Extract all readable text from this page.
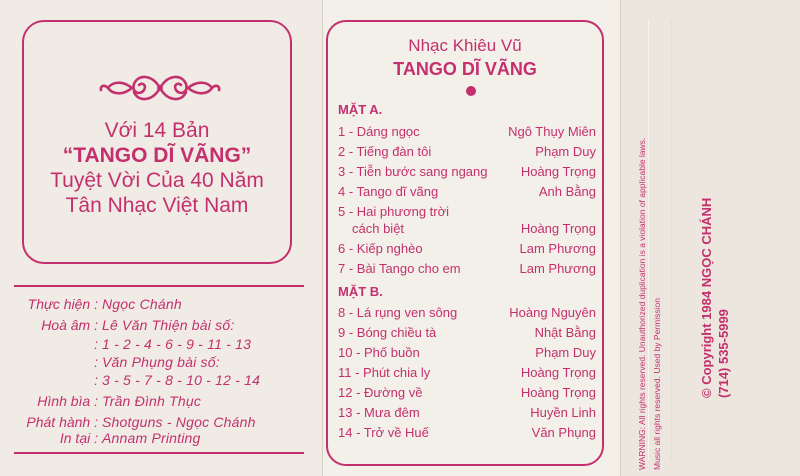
Với 14 Bản
“TANGO DĨ VÃNG”
Tuyệt Vời Của 40 Năm
Tân Nhạc Việt Nam
Thực hiện : Ngọc Chánh
Hoà âm : Lê Văn Thiện bài số:
: 1 - 2 - 4 - 6 - 9 - 11 - 13
: Văn Phụng bài số:
: 3 - 5 - 7 - 8 - 10 - 12 - 14
Hình bìa : Trần Đình Thục
Phát hành : Shotguns - Ngọc Chánh
In tại : Annam Printing
Nhạc Khiêu Vũ
TANGO DĨ VÃNG
MẶT A.
1 - Dáng ngọc	Ngô Thụy Miên
2 - Tiếng đàn tôi	Phạm Duy
3 - Tiễn bước sang ngang	Hoàng Trọng
4 - Tango dĩ vãng	Anh Bằng
5 - Hai phương trời
cách biệt	Hoàng Trọng
6 - Kiếp nghèo	Lam Phương
7 - Bài Tango cho em	Lam Phương
MẶT B.
8 - Lá rụng ven sông	Hoàng Nguyên
9 - Bóng chiều tà	Nhật Bằng
10 - Phố buồn	Phạm Duy
11 - Phút chia ly	Hoàng Trọng
12 - Đường về	Hoàng Trọng
13 - Mưa đêm	Huyền Linh
14 - Trở về Huế	Văn Phụng	WARNING: All rights reserved. Unauthorized duplication is a violation of applicable laws. Music all rights reserved. Used by Permission	© Copyright 1984 NGỌC CHÁNH (714) 535-5999
